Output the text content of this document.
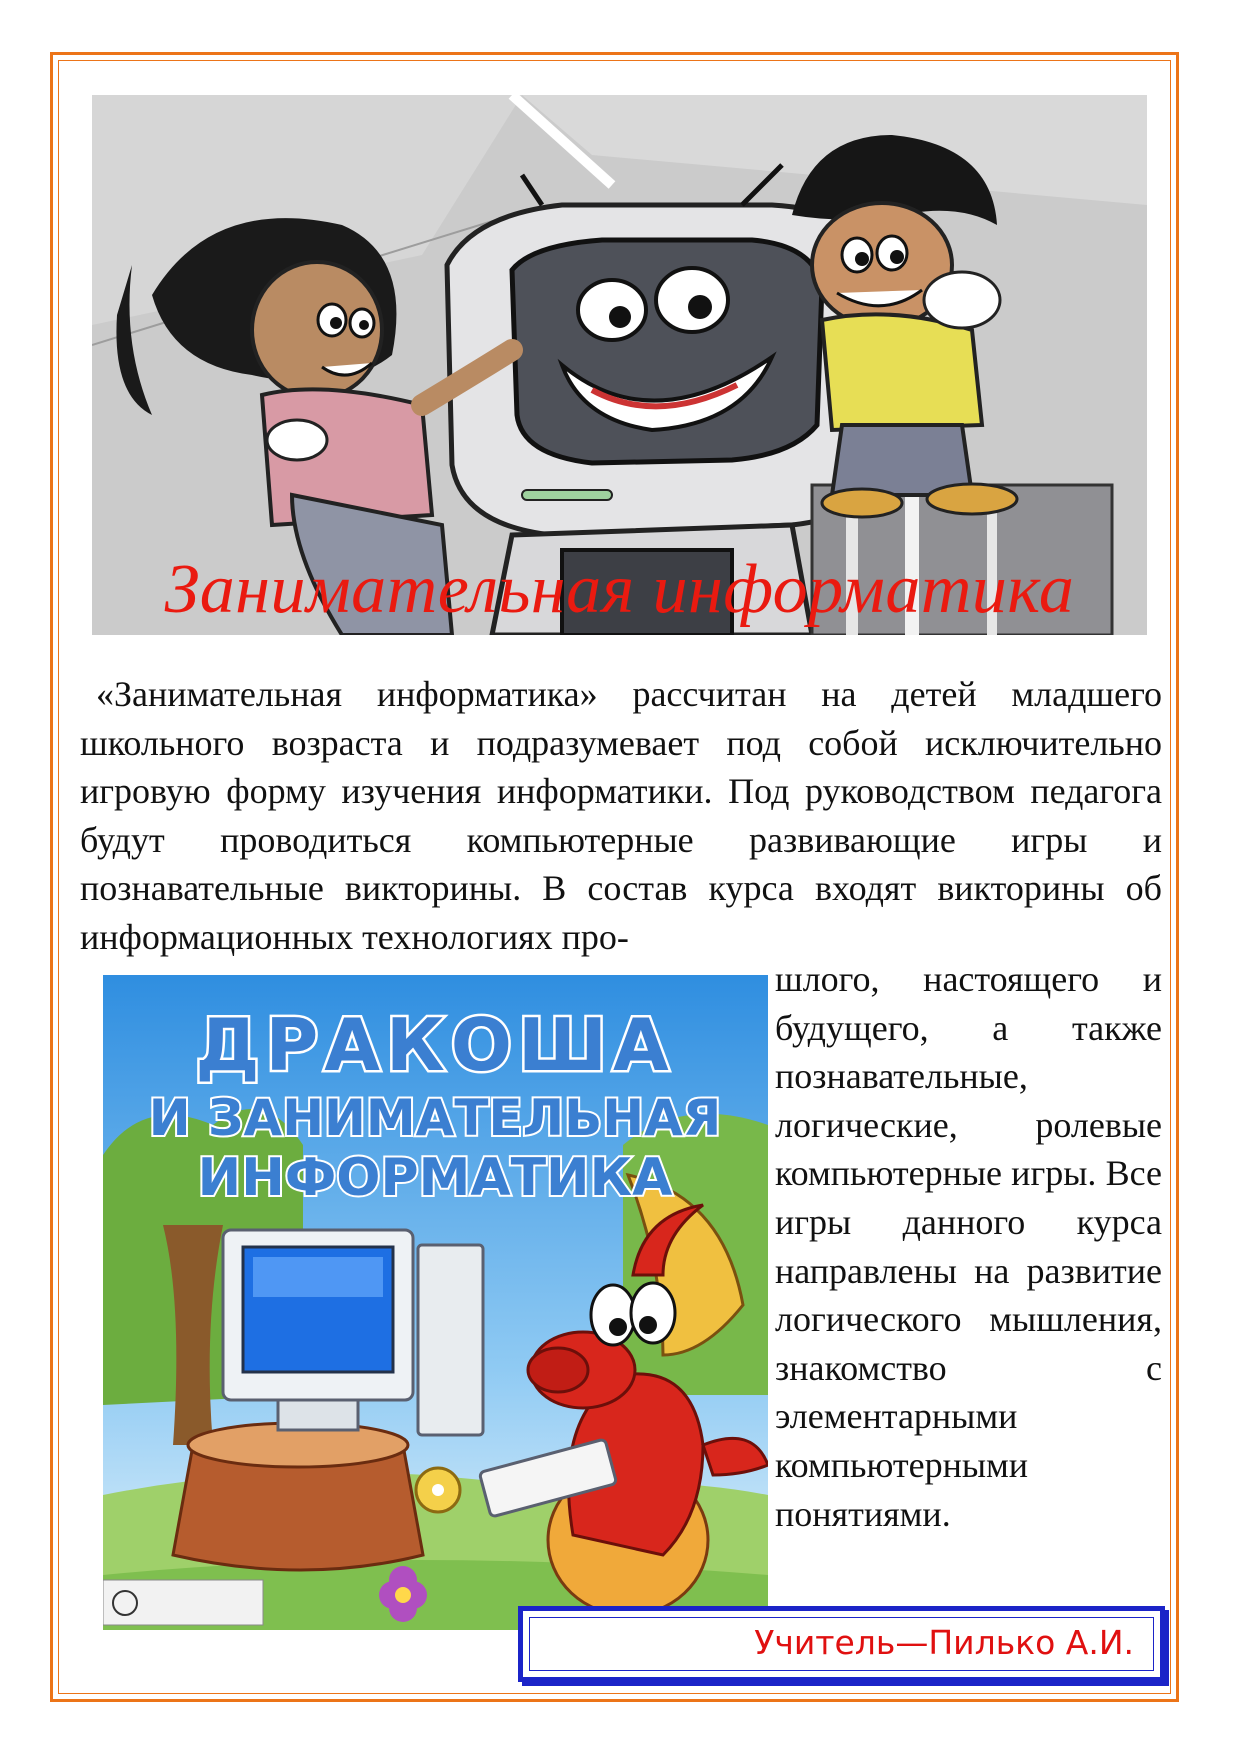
Занимательная информатика

«Занимательная информатика» рассчитан на детей младшего школьного возраста и подразумевает под собой исключительно игровую форму изучения информатики. Под руководством педагога будут проводиться компьютерные развивающие игры и познавательные викторины. В состав курса входят викторины об информационных технологиях про-

ДРАКОША
И ЗАНИМАТЕЛЬНАЯ
ИНФОРМАТИКА

шлого, настоящего и будущего, а также познавательные, логические, ролевые компьютерные игры. Все игры данного курса направлены на развитие логического мышления, знакомство с элементарными компьютерными понятиями.

Учитель—Пилько А.И.
